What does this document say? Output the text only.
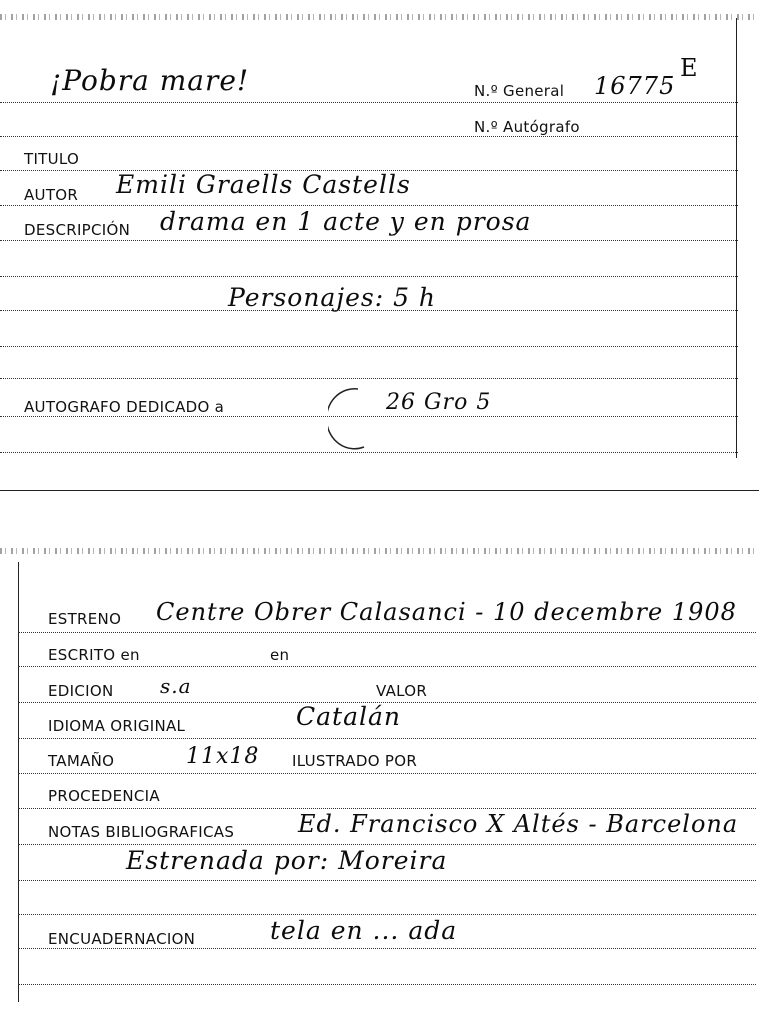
¡Pobra mare!	N.º General 16775
E
N.º Autógrafo
TITULO
AUTOR Emili Graells Castells
DESCRIPCIÓN drama en 1 acte y en prosa
Personajes: 5 h
AUTOGRAFO DEDICADO a	26 Gro 5
ESTRENO Centre Obrer Calasanci - 10 decembre 1908
ESCRITO en	en
EDICION s.a	VALOR
IDIOMA ORIGINAL	Catalán
TAMAÑO	11x18 ILUSTRADO POR
PROCEDENCIA
NOTAS BIBLIOGRAFICAS	Ed. Francisco X Altés - Barcelona
Estrenada por: Moreira
ENCUADERNACION	tela en ... ada
